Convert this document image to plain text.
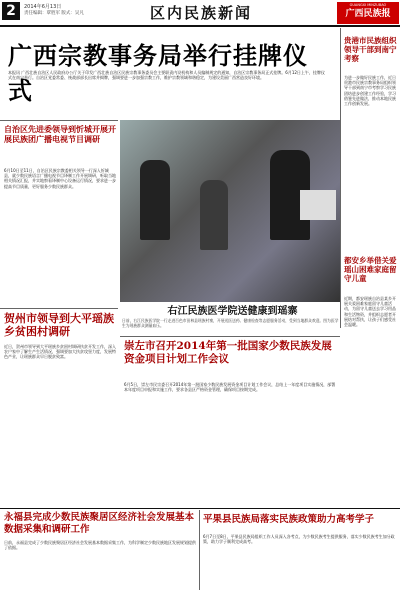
2	2014年6月13日
责任编辑：覃胜军 版式：吴凡	区内民族新闻	GUANGXI MINZUBAO
广西民族报
广西宗教事务局举行挂牌仪式
本报讯 广西壮族自治区人民政府办公厅关于印发广西壮族自治区民族宗教事务委员会主要职责内设机构和人员编制规定的通知，自治区宗教事务局正式挂牌。6月12日上午，挂牌仪式在南宁举行。自治区党委常委、统战部部长出席并揭牌，强调要进一步加强宗教工作，维护宗教领域和谐稳定，为建设美丽广西营造良好环境。
贵港市民族组织领导干部到南宁考察
为进一步做好民族工作，近日贵港市民族宗教事务局组织领导干部到南宁市考察学习民族团结进步创建工作经验，学习借鉴先进做法，推动本地民族工作创新发展。
都安乡举借关爱瑶山困难家庭留守儿童
近期，都安瑶族自治县某乡开展关爱困难家庭留守儿童活动，为留守儿童送去学习用品和生活物资，并组织志愿者开展结对帮扶，让孩子们感受社会温暖。
自治区先进委领导到忻城开展开展民族团广播电视节目调研
6月10日至11日，自治区民族宗教委相关领导一行深入忻城县，就少数民族语言广播电视节目译制工作开展调研，听取当地相关情况汇报，并实地察看译制中心设备运行情况，要求进一步提高节目质量，更好服务少数民族群众。
右江民族医学院送健康到瑶寨
日前，右江民族医学院一行走进百色市田林县瑶族村寨，开展送医送药、健康检查等志愿服务活动，受到当地群众欢迎。图为医学生为瑶族群众测量血压。
贺州市领导到大平瑶族乡贫困村调研
近日，贺州市领导到大平瑶族乡贫困村调研扶贫开发工作，深入农户家中了解生产生活情况，强调要加大扶贫攻坚力度，发展特色产业，让瑶族群众早日脱贫致富。
崇左市召开2014年第一批国家少数民族发展资金项目计划工作会议
6月5日，崇左市民宗委召开2014年第一批国家少数民族发展资金项目计划工作会议，总结上一年度项目实施情况，部署本年度项目申报和实施工作，要求各县区严格资金管理，确保项目按期完成。
永福县完成少数民族聚居区经济社会发展基本数据采集和调研工作
日前，永福县完成了少数民族聚居区经济社会发展基本数据采集工作，为科学制定少数民族地区发展规划提供了依据。
平果县民族局落实民族政策助力高考学子
6月7日至8日，平果县民族局组织工作人员深入各考点，为少数民族考生提供服务，落实少数民族考生加分政策，助力学子顺利完成高考。
